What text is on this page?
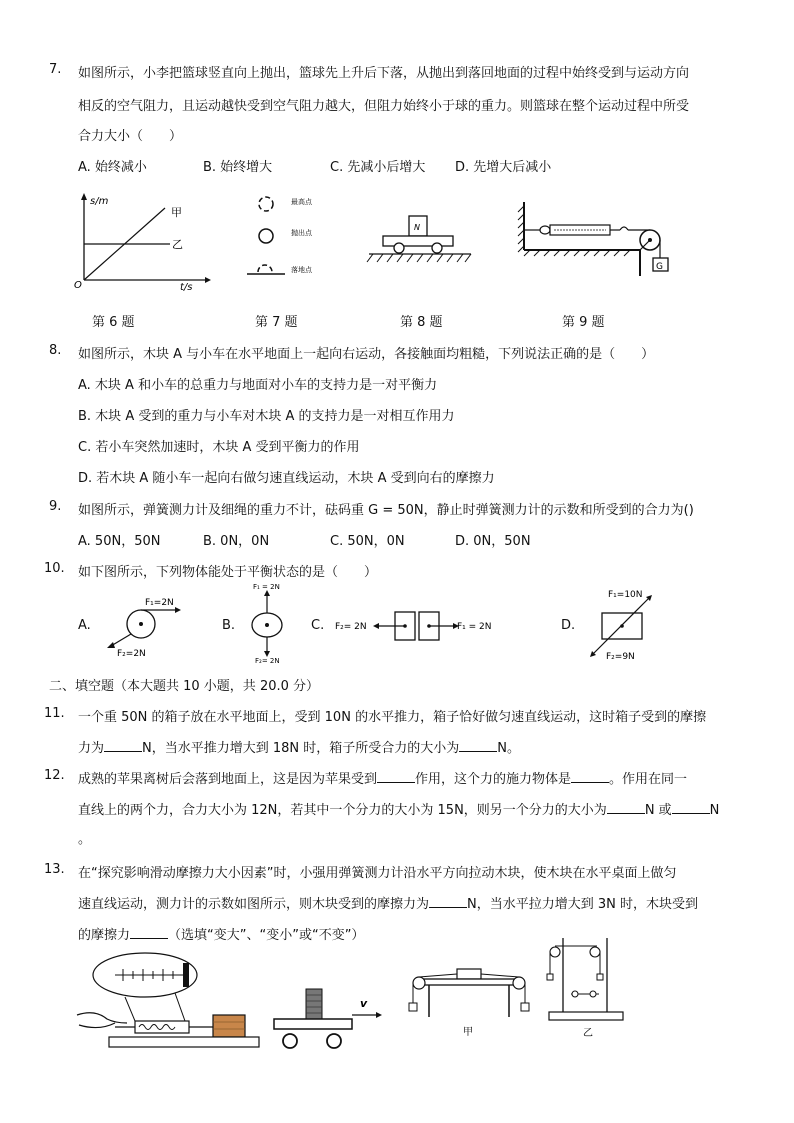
7. 如图所示，小李把篮球竖直向上抛出，篮球先上升后下落，从抛出到落回地面的过程中始终受到与运动方向
相反的空气阻力，且运动越快受到空气阻力越大，但阻力始终小于球的重力。则篮球在整个运动过程中所受
合力大小（　　）
A. 始终减小	B. 始终增大	C. 先减小后增大 D. 先增大后减小
s/m
t/s
O
甲
乙
最高点
抛出点
落地点
N
G
第 6 题	第 7 题	第 8 题	第 9 题
8. 如图所示，木块 A 与小车在水平地面上一起向右运动，各接触面均粗糙，下列说法正确的是（　　）
A. 木块 A 和小车的总重力与地面对小车的支持力是一对平衡力
B. 木块 A 受到的重力与小车对木块 A 的支持力是一对相互作用力
C. 若小车突然加速时，木块 A 受到平衡力的作用
D. 若木块 A 随小车一起向右做匀速直线运动，木块 A 受到向右的摩擦力
9. 如图所示，弹簧测力计及细绳的重力不计，砝码重 G = 50N，静止时弹簧测力计的示数和所受到的合力为()
A. 50N，50N	B. 0N，0N	C. 50N，0N	D. 0N，50N
10. 如下图所示，下列物体能处于平衡状态的是（　　）
A.
F₁=2N
F₂=2N
B.
F₁ = 2N
F₂= 2N
C. F₂= 2N	F₁ = 2N	D.
F₁=10N
F₂=9N
二、填空题（本大题共 10 小题，共 20.0 分）
11. 一个重 50N 的箱子放在水平地面上，受到 10N 的水平推力，箱子恰好做匀速直线运动，这时箱子受到的摩擦
力为	N，当水平推力增大到 18N 时，箱子所受合力的大小为	N。
12. 成熟的苹果离树后会落到地面上，这是因为苹果受到	作用，这个力的施力物体是	。作用在同一
直线上的两个力，合力大小为 12N，若其中一个分力的大小为 15N，则另一个分力的大小为	N 或	N
。
13. 在“探究影响滑动摩擦力大小因素”时，小强用弹簧测力计沿水平方向拉动木块，使木块在水平桌面上做匀
速直线运动，测力计的示数如图所示，则木块受到的摩擦力为	N，当水平拉力增大到 3N 时，木块受到
的摩擦力	（选填“变大”、“变小”或“不变”）
v
甲	乙
